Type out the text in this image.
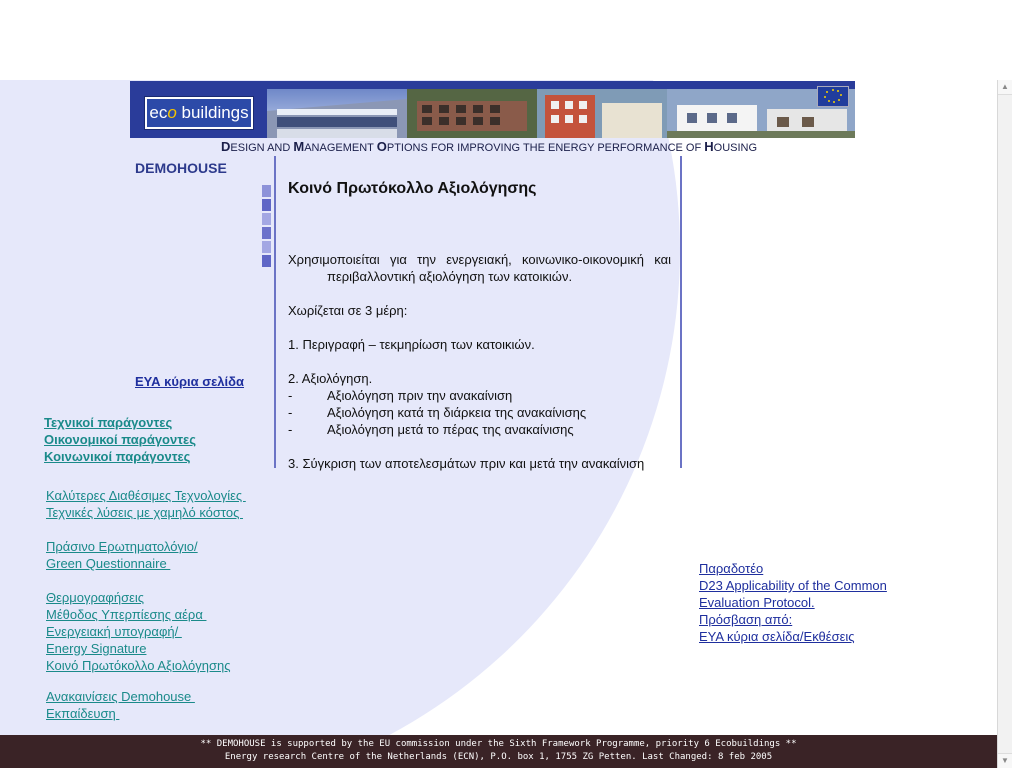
eco buildings
DESIGN AND MANAGEMENT OPTIONS FOR IMPROVING THE ENERGY PERFORMANCE OF HOUSING
DEMOHOUSE
Κοινό Πρωτόκολλο Αξιολόγησης

Χρησιμοποιείται για την ενεργειακή, κοινωνικο-οικονομική και περιβαλλοντική αξιολόγηση των κατοικιών.

Χωρίζεται σε 3 μέρη:

1. Περιγραφή – τεκμηρίωση των κατοικιών.

2. Αξιολόγηση.

-	Αξιολόγηση πριν την ανακαίνιση

-	Αξιολόγηση κατά τη διάρκεια της ανακαίνισης

-	Αξιολόγηση μετά το πέρας της ανακαίνισης

3. Σύγκριση των αποτελεσμάτων πριν και μετά την ανακαίνιση

ΕΥΑ κύρια σελίδα
Τεχνικοί παράγοντες
Οικονομικοί παράγοντες
Κοινωνικοί παράγοντες
Καλύτερες Διαθέσιμες Τεχνολογίες
Τεχνικές λύσεις με χαμηλό κόστος
Πράσινο Ερωτηματολόγιο/
Green Questionnaire
Θερμογραφήσεις
Μέθοδος Υπερπίεσης αέρα
Ενεργειακή υπογραφή/
Energy Signature
Κοινό Πρωτόκολλο Αξιολόγησης
Ανακαινίσεις Demohouse
Εκπαίδευση
Παραδοτέο
D23 Applicability of the Common
Evaluation Protocol.
Πρόσβαση από:
ΕΥΑ κύρια σελίδα/Εκθέσεις
** DEMOHOUSE is supported by the EU commission under the Sixth Framework Programme, priority 6 Ecobuildings **
Energy research Centre of the Netherlands (ECN), P.O. box 1, 1755 ZG Petten. Last Changed: 8 feb 2005
▲
▼
